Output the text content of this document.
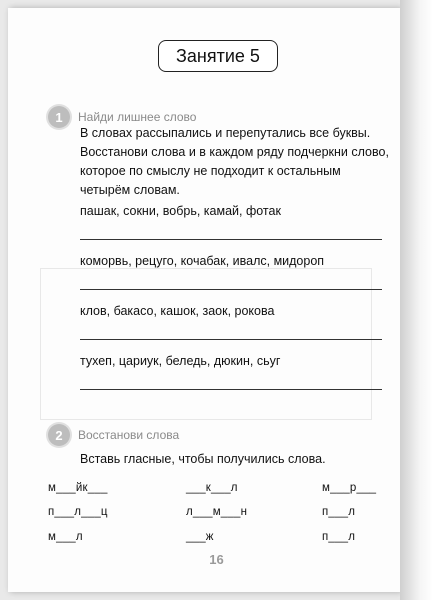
Занятие 5
1	Найди лишнее слово
В словах рассыпались и перепутались все буквы. Восстанови слова и в каждом ряду подчеркни слово, которое по смыслу не подходит к остальным четырём словам.
пашак, сокни, вобрь, камай, фотак
коморвь, рецуго, кочабак, ивалс, мидороп
клов, бакасо, кашок, заок, рокова
тухеп, цариук, беледь, дюкин, сьуг
2	Восстанови слова
Вставь гласные, чтобы получились слова.
м___йк___	___к___л	м___р___
п___л___ц	л___м___н	п___л
м___л	___ж	п___л
16
